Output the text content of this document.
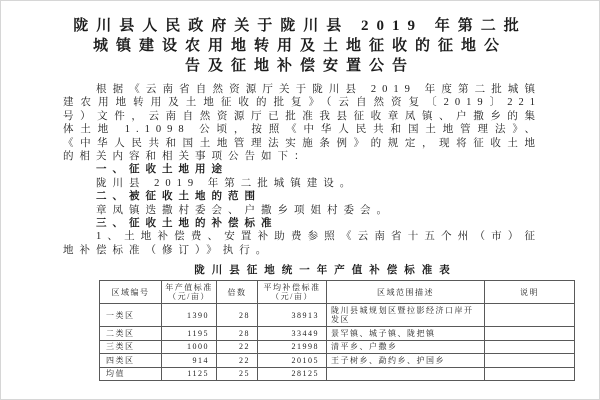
陇川县人民政府关于陇川县 2019 年第二批
城镇建设农用地转用及土地征收的征地公
告及征地补偿安置公告

根据《云南省自然资源厅关于陇川县 2019 年度第二批城镇建农用地转用及土地征收的批复》（云自然资复〔2019〕221 号）文件，云南自然资源厅已批准我县征收章凤镇、户撒乡的集体土地 1.1098 公顷，按照《中华人民共和国土地管理法》、《中华人民共和国土地管理法实施条例》的规定，现将征收土地的相关内容和相关事项公告如下：

一、征收土地用途

陇川县 2019 年第二批城镇建设。

二、被征收土地的范围

章凤镇迭撒村委会、户撒乡项姐村委会。

三、征收土地的补偿标准

1、土地补偿费、安置补助费参照《云南省十五个州（市）征地补偿标准（修订）》执行。

陇川县征地统一年产值补偿标准表
区域编号	年产值标准（元/亩）	倍数	平均补偿标准（元/亩）	区域范围描述	说明
一类区	1390	28	38913	陇川县城规划区暨拉影经济口岸开发区	
二类区	1195	28	33449	景罕镇、城子镇、陇把镇	
三类区	1000	22	21998	清平乡、户撒乡	
四类区	914	22	20105	王子树乡、勐约乡、护国乡	
均值	1125	25	28125		
